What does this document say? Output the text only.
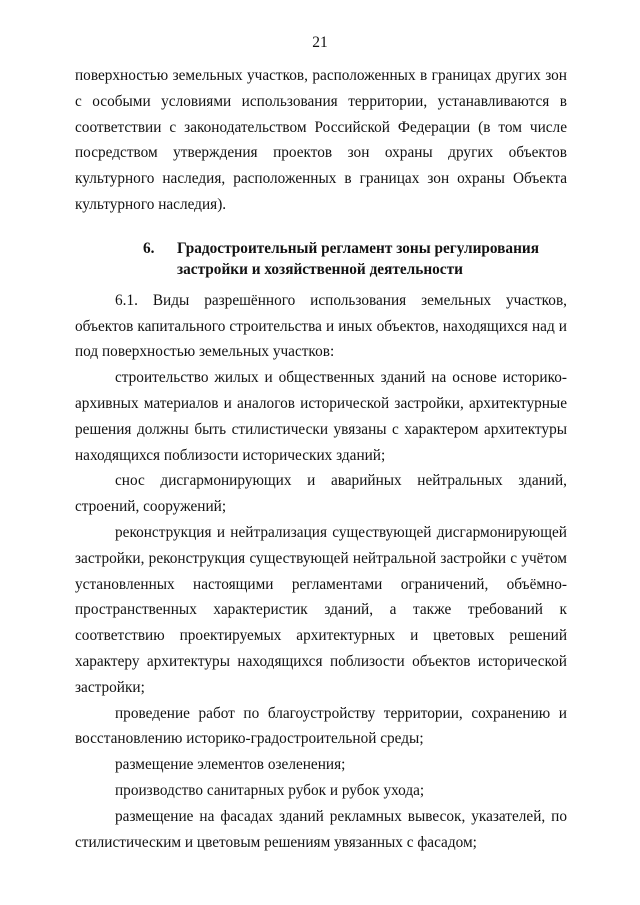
21

поверхностью земельных участков, расположенных в границах других зон с особыми условиями использования территории, устанавливаются в соответствии с законодательством Российской Федерации (в том числе посредством утверждения проектов зон охраны других объектов культурного наследия, расположенных в границах зон охраны Объекта культурного наследия).

6.	Градостроительный регламент зоны регулирования
застройки и хозяйственной деятельности

6.1. Виды разрешённого использования земельных участков, объектов капитального строительства и иных объектов, находящихся над и под поверхностью земельных участков:

строительство жилых и общественных зданий на основе историко-архивных материалов и аналогов исторической застройки, архитектурные решения должны быть стилистически увязаны с характером архитектуры находящихся поблизости исторических зданий;

снос дисгармонирующих и аварийных нейтральных зданий, строений, сооружений;

реконструкция и нейтрализация существующей дисгармонирующей застройки, реконструкция существующей нейтральной застройки с учётом установленных настоящими регламентами ограничений, объёмно-пространственных характеристик зданий, а также требований к соответствию проектируемых архитектурных и цветовых решений характеру архитектуры находящихся поблизости объектов исторической застройки;

проведение работ по благоустройству территории, сохранению и восстановлению историко-градостроительной среды;

размещение элементов озеленения;

производство санитарных рубок и рубок ухода;

размещение на фасадах зданий рекламных вывесок, указателей, по стилистическим и цветовым решениям увязанных с фасадом;
